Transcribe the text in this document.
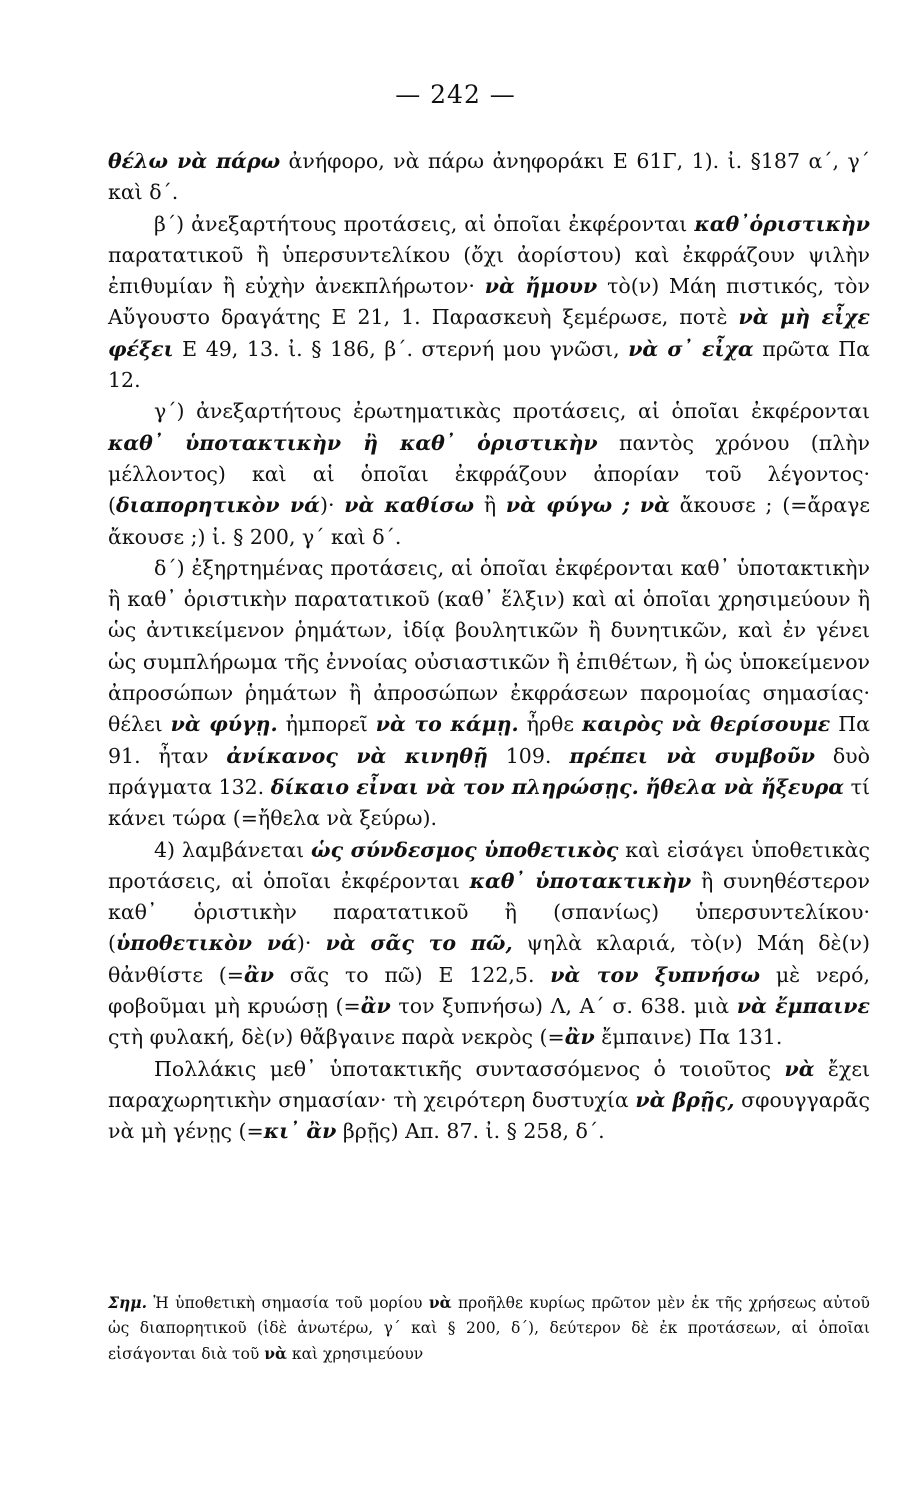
— 242 —

θέλω νὰ πάρω ἀνήφορο, νὰ πάρω ἀνηφοράκι Ε 61Γ, 1). ἰ. §187 α΄, γ΄ καὶ δ΄.

β΄) ἀνεξαρτήτους προτάσεις, αἱ ὁποῖαι ἐκφέρονται καθ᾽ὁριστικὴν παρατατικοῦ ἢ ὑπερσυντελίκου (ὄχι ἀορίστου) καὶ ἐκφράζουν ψιλὴν ἐπιθυμίαν ἢ εὐχὴν ἀνεκπλήρωτον· νὰ ἤμουν τὸ(ν) Μάη πιστικός, τὸν Αὔγουστο δραγάτης Ε 21, 1. Παρασκευὴ ξεμέρωσε, ποτὲ νὰ μὴ εἶχε φέξει Ε 49, 13. ἰ. § 186, β΄. στερνή μου γνῶσι, νὰ σ᾽ εἶχα πρῶτα Πα 12.

γ΄) ἀνεξαρτήτους ἐρωτηματικὰς προτάσεις, αἱ ὁποῖαι ἐκφέρονται καθ᾽ ὑποτακτικὴν ἢ καθ᾽ ὁριστικὴν παντὸς χρόνου (πλὴν μέλλοντος) καὶ αἱ ὁποῖαι ἐκφράζουν ἀπορίαν τοῦ λέγοντος· (διαπορητικὸν νά)· νὰ καθίσω ἢ νὰ φύγω ; νὰ ἄκουσε ; (=ἄραγε ἄκουσε ;) ἰ. § 200, γ΄ καὶ δ΄.

δ΄) ἐξηρτημένας προτάσεις, αἱ ὁποῖαι ἐκφέρονται καθ᾽ ὑποτακτικὴν ἢ καθ᾽ ὁριστικὴν παρατατικοῦ (καθ᾽ ἕλξιν) καὶ αἱ ὁποῖαι χρησιμεύουν ἢ ὡς ἀντικείμενον ῥημάτων, ἰδίᾳ βουλητικῶν ἢ δυνητικῶν, καὶ ἐν γένει ὡς συμπλήρωμα τῆς ἐννοίας οὐσιαστικῶν ἢ ἐπιθέτων, ἢ ὡς ὑποκείμενον ἀπροσώπων ῥημάτων ἢ ἀπροσώπων ἐκφράσεων παρομοίας σημασίας· θέλει νὰ φύγῃ. ἠμπορεῖ νὰ το κάμῃ. ἦρθε καιρὸς νὰ θερίσουμε Πα 91. ἦταν ἀνίκανος νὰ κινηθῇ 109. πρέπει νὰ συμβοῦν δυὸ πράγματα 132. δίκαιο εἶναι νὰ τον πληρώσῃς. ἤθελα νὰ ἤξευρα τί κάνει τώρα (=ἤθελα νὰ ξεύρω).

4) λαμβάνεται ὡς σύνδεσμος ὑποθετικὸς καὶ εἰσάγει ὑποθετικὰς προτάσεις, αἱ ὁποῖαι ἐκφέρονται καθ᾽ ὑποτακτικὴν ἢ συνηθέστερον καθ᾽ ὁριστικὴν παρατατικοῦ ἢ (σπανίως) ὑπερσυντελίκου· (ὑποθετικὸν νά)· νὰ σᾶς το πῶ, ψηλὰ κλαριά, τὸ(ν) Μάη δὲ(ν) θἀνθίστε (=ἂν σᾶς το πῶ) Ε 122,5. νὰ τον ξυπνήσω μὲ νερό, φοβοῦμαι μὴ κρυώσῃ (=ἂν τον ξυπνήσω) Λ, Α΄ σ. 638. μιὰ νὰ ἔμπαινε ςτὴ φυλακή, δὲ(ν) θἄβγαινε παρὰ νεκρὸς (=ἂν ἔμπαινε) Πα 131.

Πολλάκις μεθ᾽ ὑποτακτικῆς συντασσόμενος ὁ τοιοῦτος νὰ ἔχει παραχωρητικὴν σημασίαν· τὴ χειρότερη δυστυχία νὰ βρῇς, σφουγγαρᾶς νὰ μὴ γένῃς (=κι᾽ ἂν βρῇς) Απ. 87. ἰ. § 258, δ΄.

Σημ. Ἡ ὑποθετικὴ σημασία τοῦ μορίου νὰ προῆλθε κυρίως πρῶτον μὲν ἐκ τῆς χρήσεως αὐτοῦ ὡς διαπορητικοῦ (ἰδὲ ἀνωτέρω, γ΄ καὶ § 200, δ΄), δεύτερον δὲ ἐκ προτάσεων, αἱ ὁποῖαι εἰσάγονται διὰ τοῦ νὰ καὶ χρησιμεύουν
